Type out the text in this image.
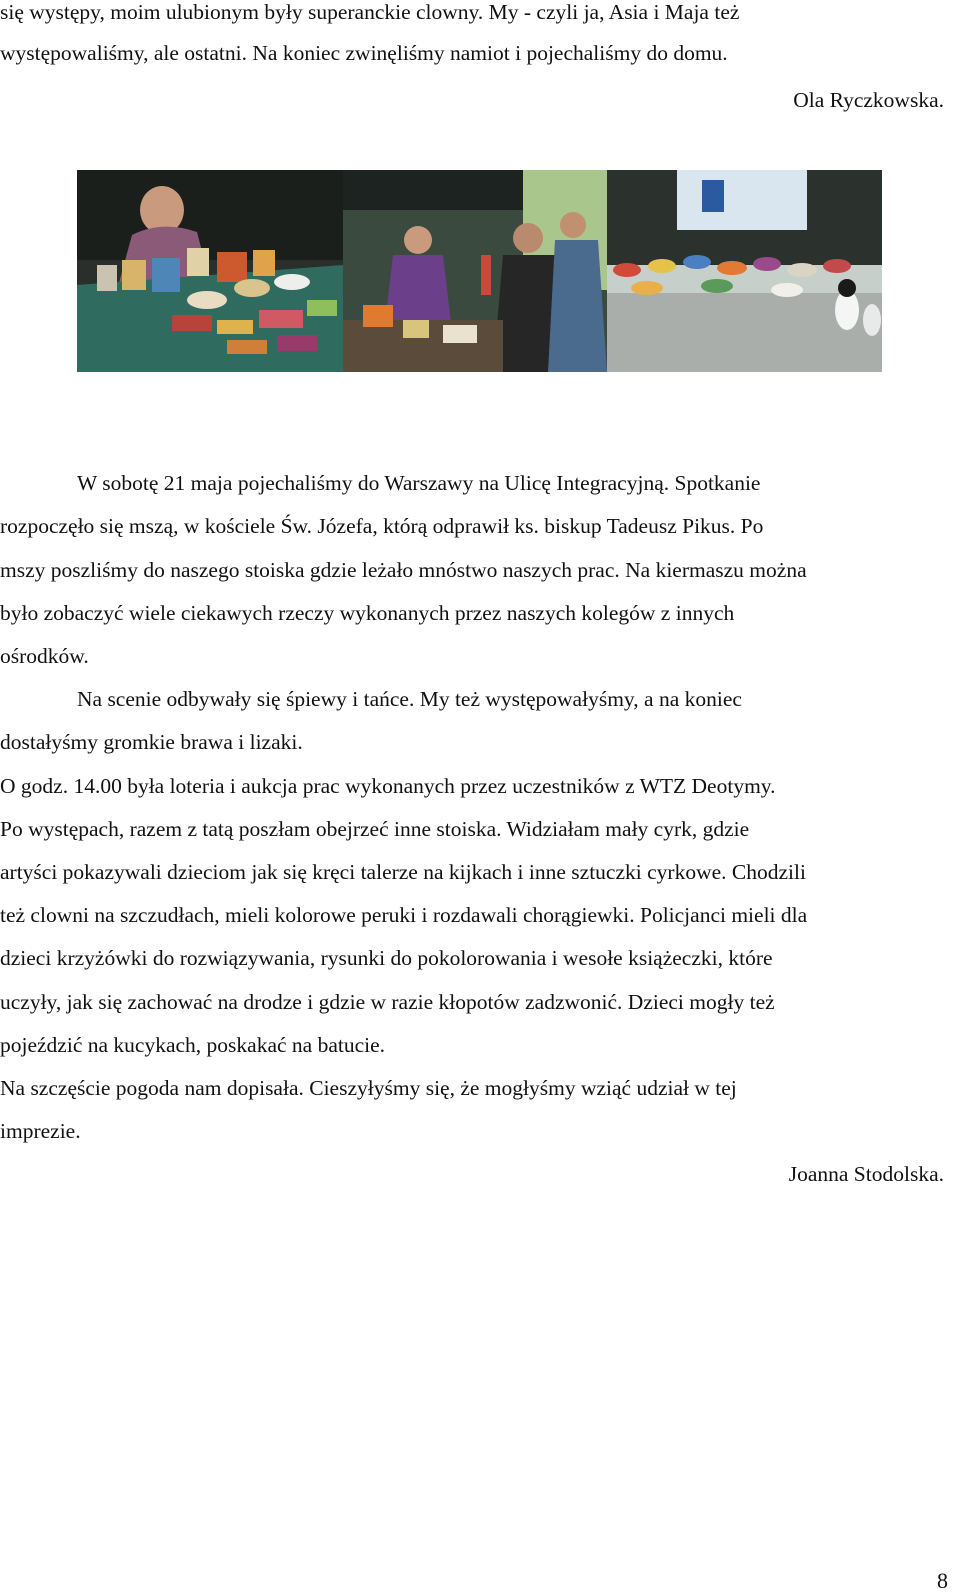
się występy, moim ulubionym były superanckie clowny. My - czyli ja, Asia i Maja też
występowaliśmy, ale ostatni. Na koniec zwinęliśmy namiot i pojechaliśmy do domu.
Ola Ryczkowska.
W sobotę 21 maja pojechaliśmy do Warszawy na Ulicę Integracyjną. Spotkanie
rozpoczęło się mszą, w kościele Św. Józefa, którą odprawił ks. biskup Tadeusz Pikus. Po
mszy poszliśmy do naszego stoiska gdzie leżało mnóstwo naszych prac. Na kiermaszu można
było zobaczyć wiele ciekawych rzeczy wykonanych przez naszych kolegów z innych
ośrodków.
Na scenie odbywały się śpiewy i tańce. My też występowałyśmy, a na koniec
dostałyśmy gromkie brawa i lizaki.
O godz. 14.00 była loteria i aukcja prac wykonanych przez uczestników z WTZ Deotymy.
Po występach, razem z tatą poszłam obejrzeć inne stoiska. Widziałam mały cyrk, gdzie
artyści pokazywali dzieciom jak się kręci talerze na kijkach i inne sztuczki cyrkowe. Chodzili
też clowni na szczudłach, mieli kolorowe peruki i rozdawali chorągiewki. Policjanci mieli dla
dzieci krzyżówki do rozwiązywania, rysunki do pokolorowania i wesołe książeczki, które
uczyły, jak się zachować na drodze i gdzie w razie kłopotów zadzwonić. Dzieci mogły też
pojeździć na kucykach, poskakać na batucie.
Na szczęście pogoda nam dopisała. Cieszyłyśmy się, że mogłyśmy wziąć udział w tej
imprezie.
Joanna Stodolska.
8
